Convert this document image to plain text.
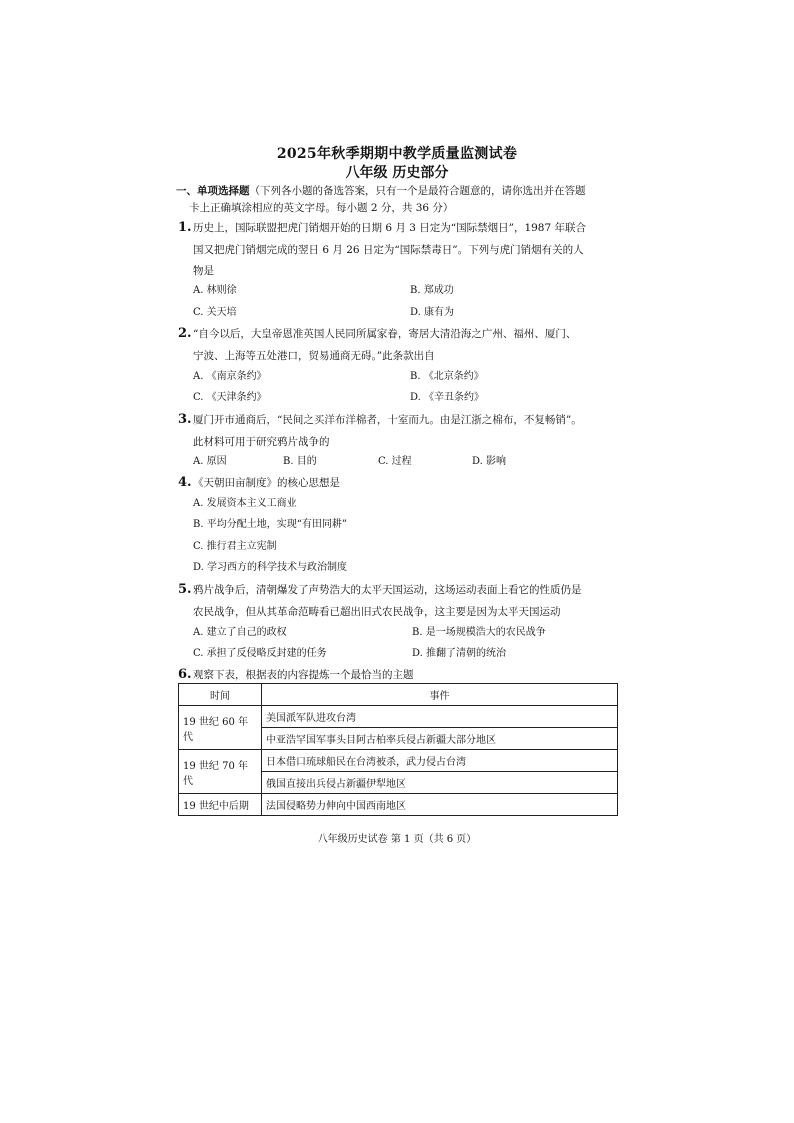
2025年秋季期期中教学质量监测试卷
八年级 历史部分
一、单项选择题（下列各小题的备选答案，只有一个是最符合题意的，请你选出并在答题
卡上正确填涂相应的英文字母。每小题 2 分，共 36 分）
1.历史上，国际联盟把虎门销烟开始的日期 6 月 3 日定为“国际禁烟日”，1987 年联合
国又把虎门销烟完成的翌日 6 月 26 日定为“国际禁毒日”。下列与虎门销烟有关的人
物是
A. 林则徐	B. 郑成功
C. 关天培	D. 康有为
2.“自今以后，大皇帝恩准英国人民同所属家眷，寄居大清沿海之广州、福州、厦门、
宁波、上海等五处港口，贸易通商无碍。”此条款出自
A. 《南京条约》	B. 《北京条约》
C. 《天津条约》	D. 《辛丑条约》
3.厦门开市通商后，“民间之买洋布洋棉者，十室而九。由是江浙之棉布，不复畅销”。
此材料可用于研究鸦片战争的
A. 原因	B. 目的	C. 过程	D. 影响
4.《天朝田亩制度》的核心思想是
A. 发展资本主义工商业
B. 平均分配土地，实现“有田同耕”
C. 推行君主立宪制
D. 学习西方的科学技术与政治制度
5.鸦片战争后，清朝爆发了声势浩大的太平天国运动，这场运动表面上看它的性质仍是
农民战争，但从其革命范畴看已超出旧式农民战争，这主要是因为太平天国运动
A. 建立了自己的政权	B. 是一场规模浩大的农民战争
C. 承担了反侵略反封建的任务	D. 推翻了清朝的统治
6.观察下表，根据表的内容提炼一个最恰当的主题
时间	事件
19 世纪 60 年代	美国派军队进攻台湾
	中亚浩罕国军事头目阿古柏率兵侵占新疆大部分地区
19 世纪 70 年代	日本借口琉球船民在台湾被杀，武力侵占台湾
	俄国直接出兵侵占新疆伊犁地区
19 世纪中后期	法国侵略势力伸向中国西南地区
八年级历史试卷 第 1 页（共 6 页）
